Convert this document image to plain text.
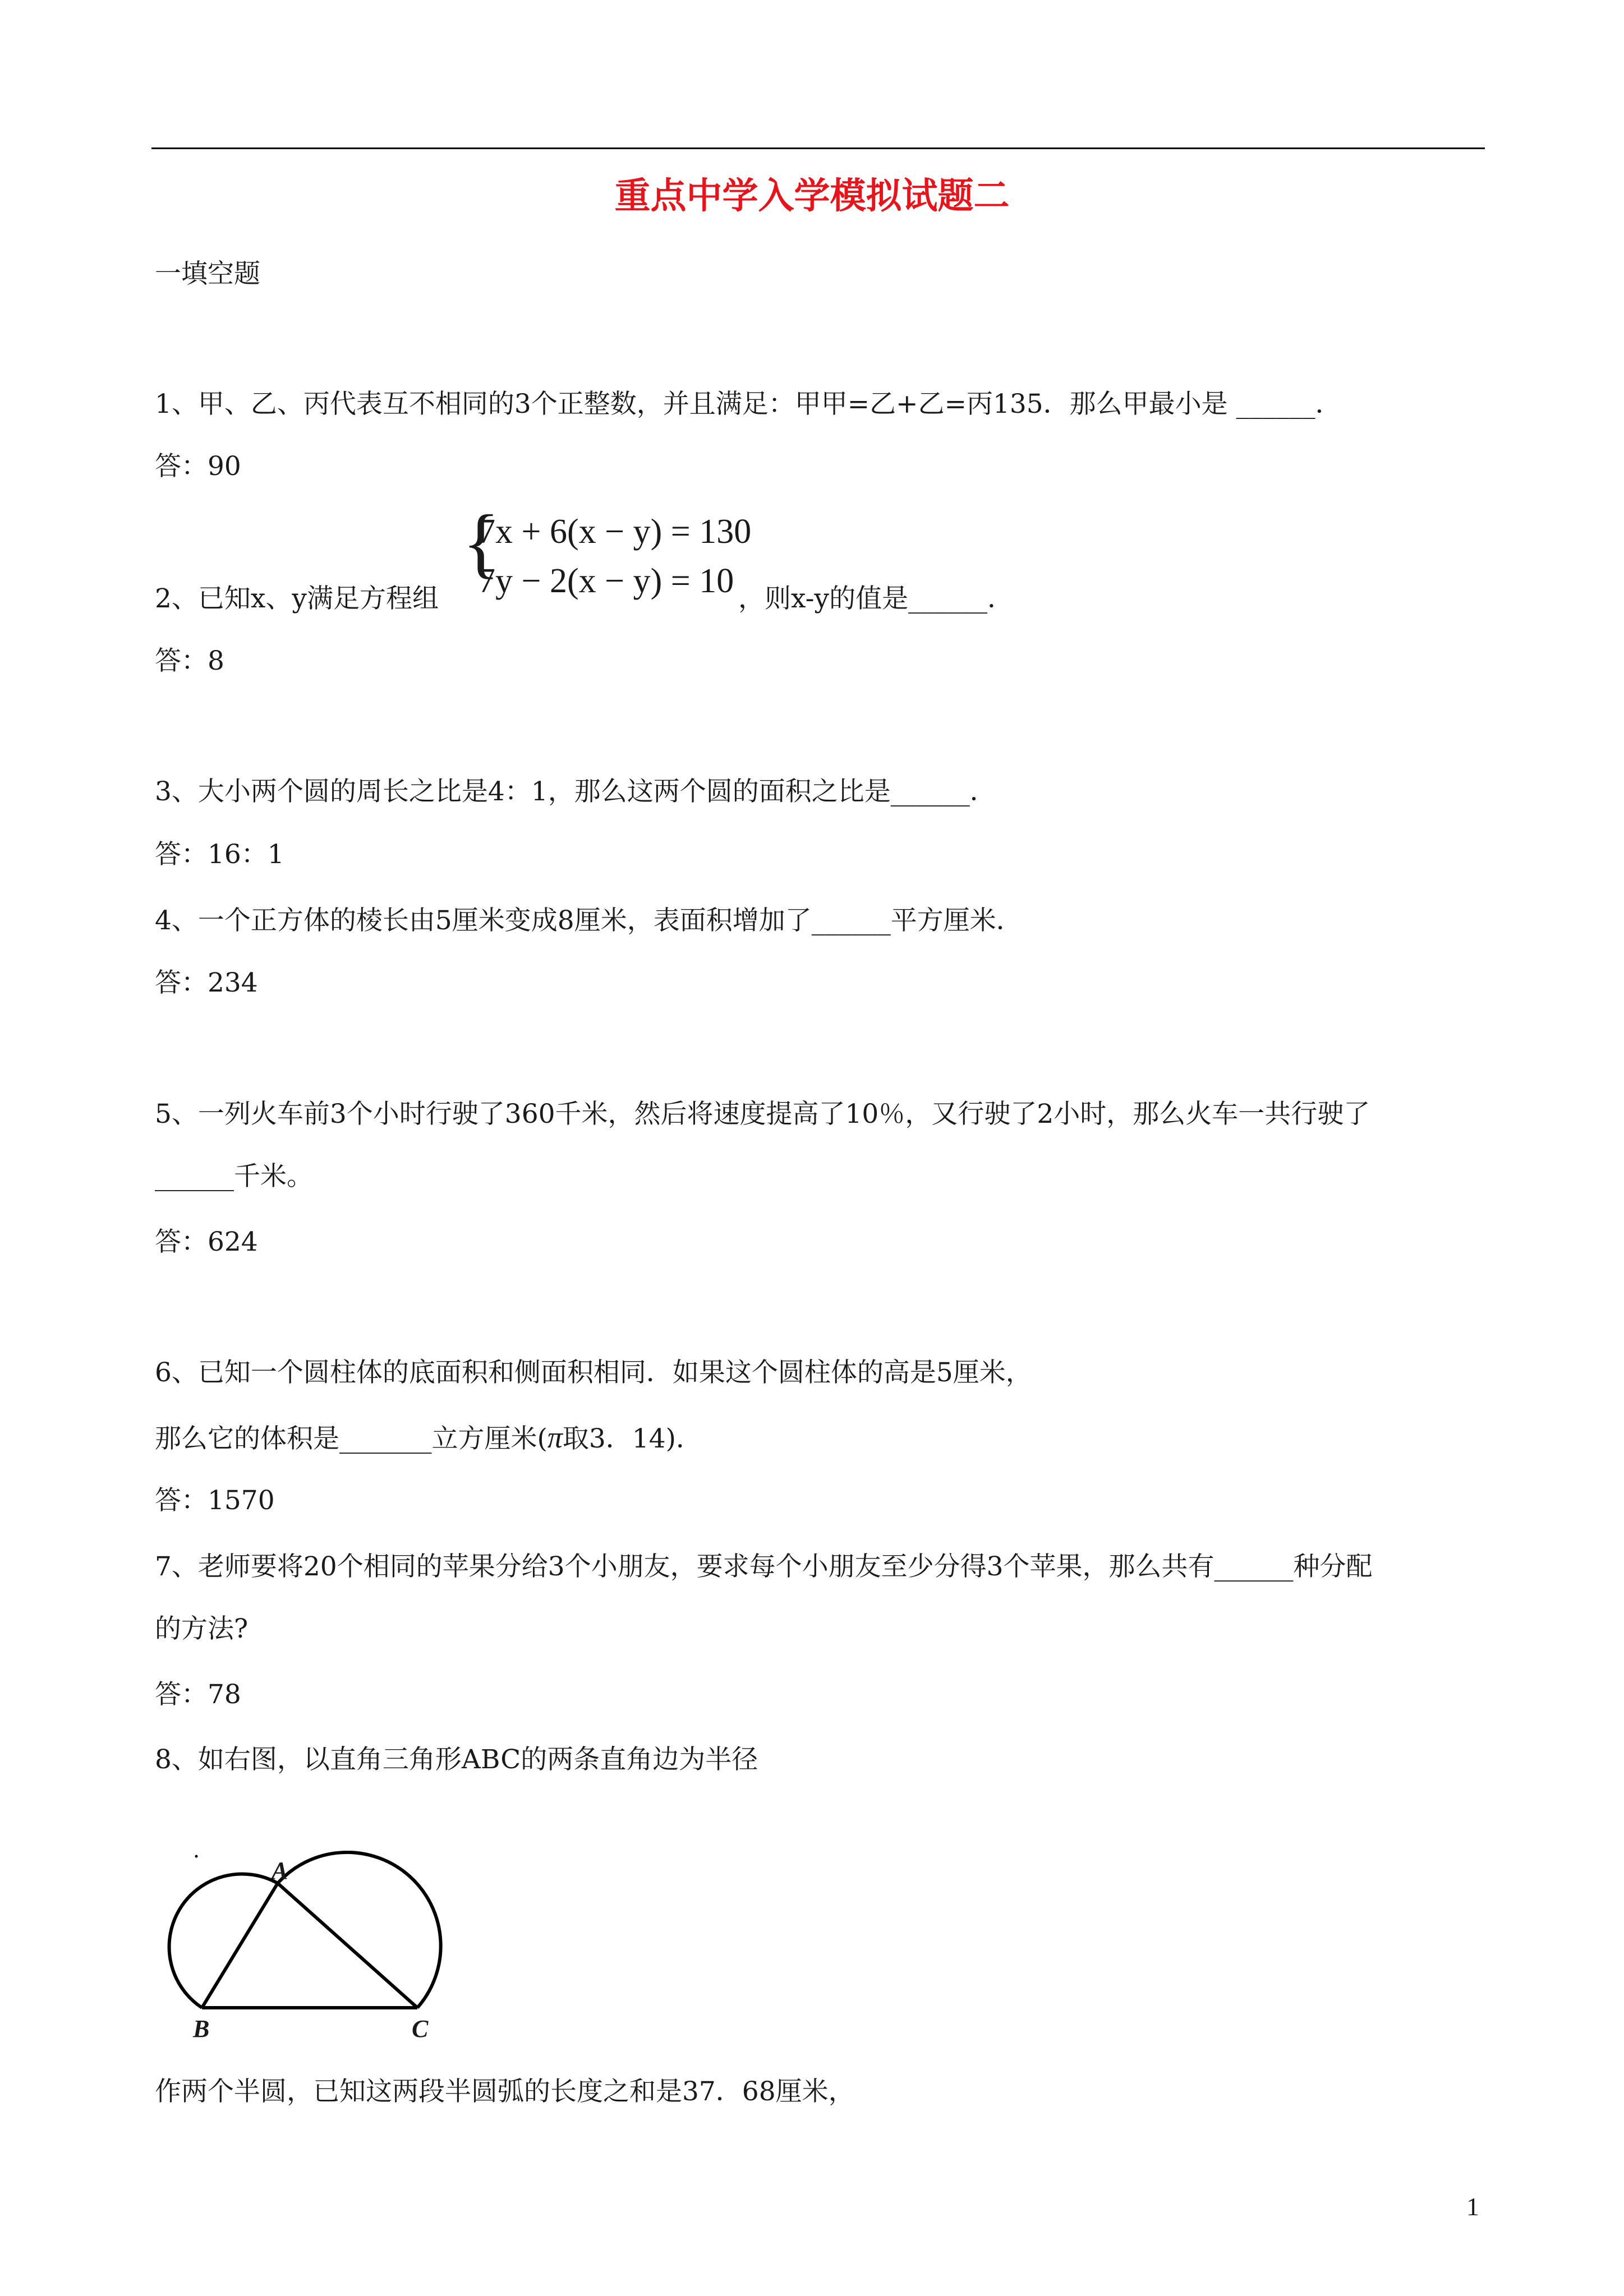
重点中学入学模拟试题二
一填空题
1、甲、乙、丙代表互不相同的3个正整数，并且满足：甲甲=乙+乙=丙135．那么甲最小是 ______．
答：90
2、已知x、y满足方程组
{
7x + 6(x − y) = 130
7y − 2(x − y) = 10 ，则x-y的值是______．
答：8
3、大小两个圆的周长之比是4：1，那么这两个圆的面积之比是______．
答：16：1
4、一个正方体的棱长由5厘米变成8厘米，表面积增加了______平方厘米．
答：234
5、一列火车前3个小时行驶了360千米，然后将速度提高了10％，又行驶了2小时，那么火车一共行驶了
______千米。
答：624
6、已知一个圆柱体的底面积和侧面积相同．如果这个圆柱体的高是5厘米，
那么它的体积是_______立方厘米(π取3．14)．
答：1570
7、老师要将20个相同的苹果分给3个小朋友，要求每个小朋友至少分得3个苹果，那么共有______种分配
的方法?
答：78
8、如右图，以直角三角形ABC的两条直角边为半径
A
B	C
作两个半圆，已知这两段半圆弧的长度之和是37．68厘米，
1
